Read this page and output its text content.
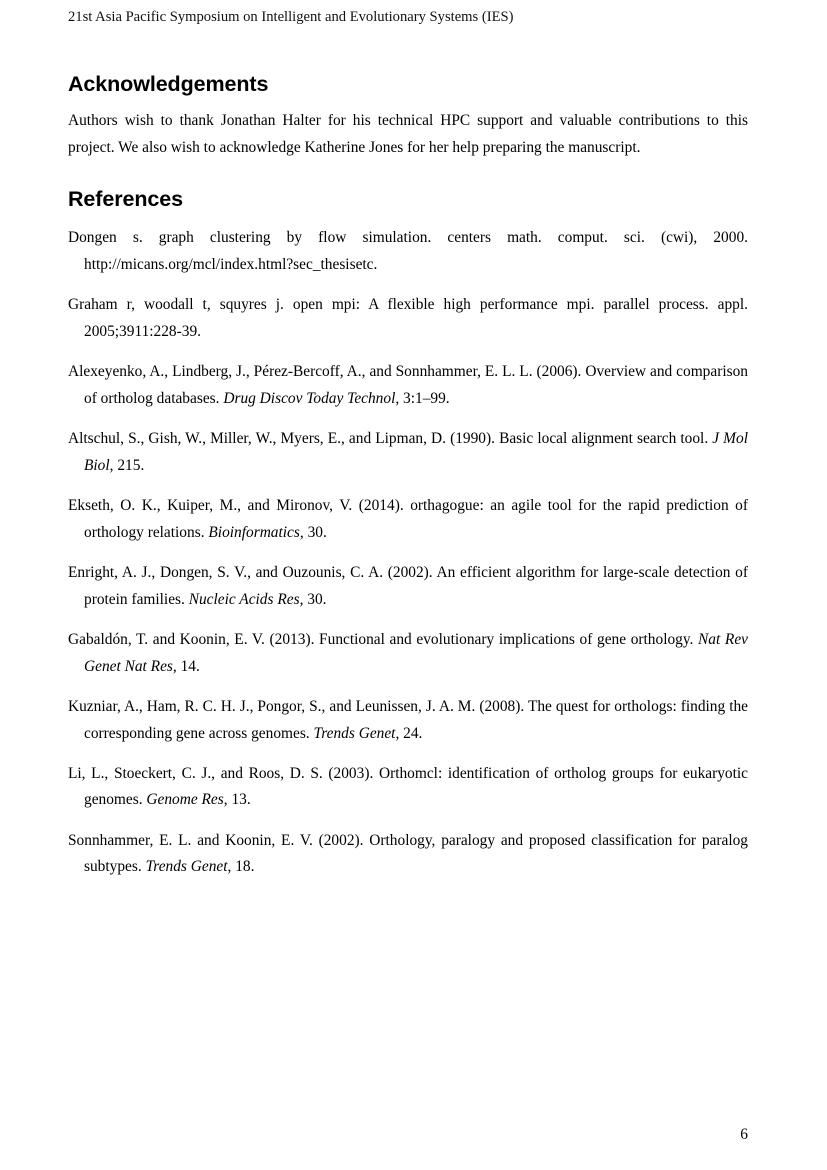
21st Asia Pacific Symposium on Intelligent and Evolutionary Systems (IES)
Acknowledgements

Authors wish to thank Jonathan Halter for his technical HPC support and valuable contributions to this project. We also wish to acknowledge Katherine Jones for her help preparing the manuscript.

References

Dongen s. graph clustering by flow simulation. centers math. comput. sci. (cwi), 2000. http://micans.org/mcl/index.html?sec_thesisetc.

Graham r, woodall t, squyres j. open mpi: A flexible high performance mpi. parallel process. appl. 2005;3911:228-39.

Alexeyenko, A., Lindberg, J., Pérez-Bercoff, A., and Sonnhammer, E. L. L. (2006). Overview and comparison of ortholog databases. Drug Discov Today Technol, 3:1–99.

Altschul, S., Gish, W., Miller, W., Myers, E., and Lipman, D. (1990). Basic local alignment search tool. J Mol Biol, 215.

Ekseth, O. K., Kuiper, M., and Mironov, V. (2014). orthagogue: an agile tool for the rapid prediction of orthology relations. Bioinformatics, 30.

Enright, A. J., Dongen, S. V., and Ouzounis, C. A. (2002). An efficient algorithm for large-scale detection of protein families. Nucleic Acids Res, 30.

Gabaldón, T. and Koonin, E. V. (2013). Functional and evolutionary implications of gene orthology. Nat Rev Genet Nat Res, 14.

Kuzniar, A., Ham, R. C. H. J., Pongor, S., and Leunissen, J. A. M. (2008). The quest for orthologs: finding the corresponding gene across genomes. Trends Genet, 24.

Li, L., Stoeckert, C. J., and Roos, D. S. (2003). Orthomcl: identification of ortholog groups for eukaryotic genomes. Genome Res, 13.

Sonnhammer, E. L. and Koonin, E. V. (2002). Orthology, paralogy and proposed classification for paralog subtypes. Trends Genet, 18.

6
